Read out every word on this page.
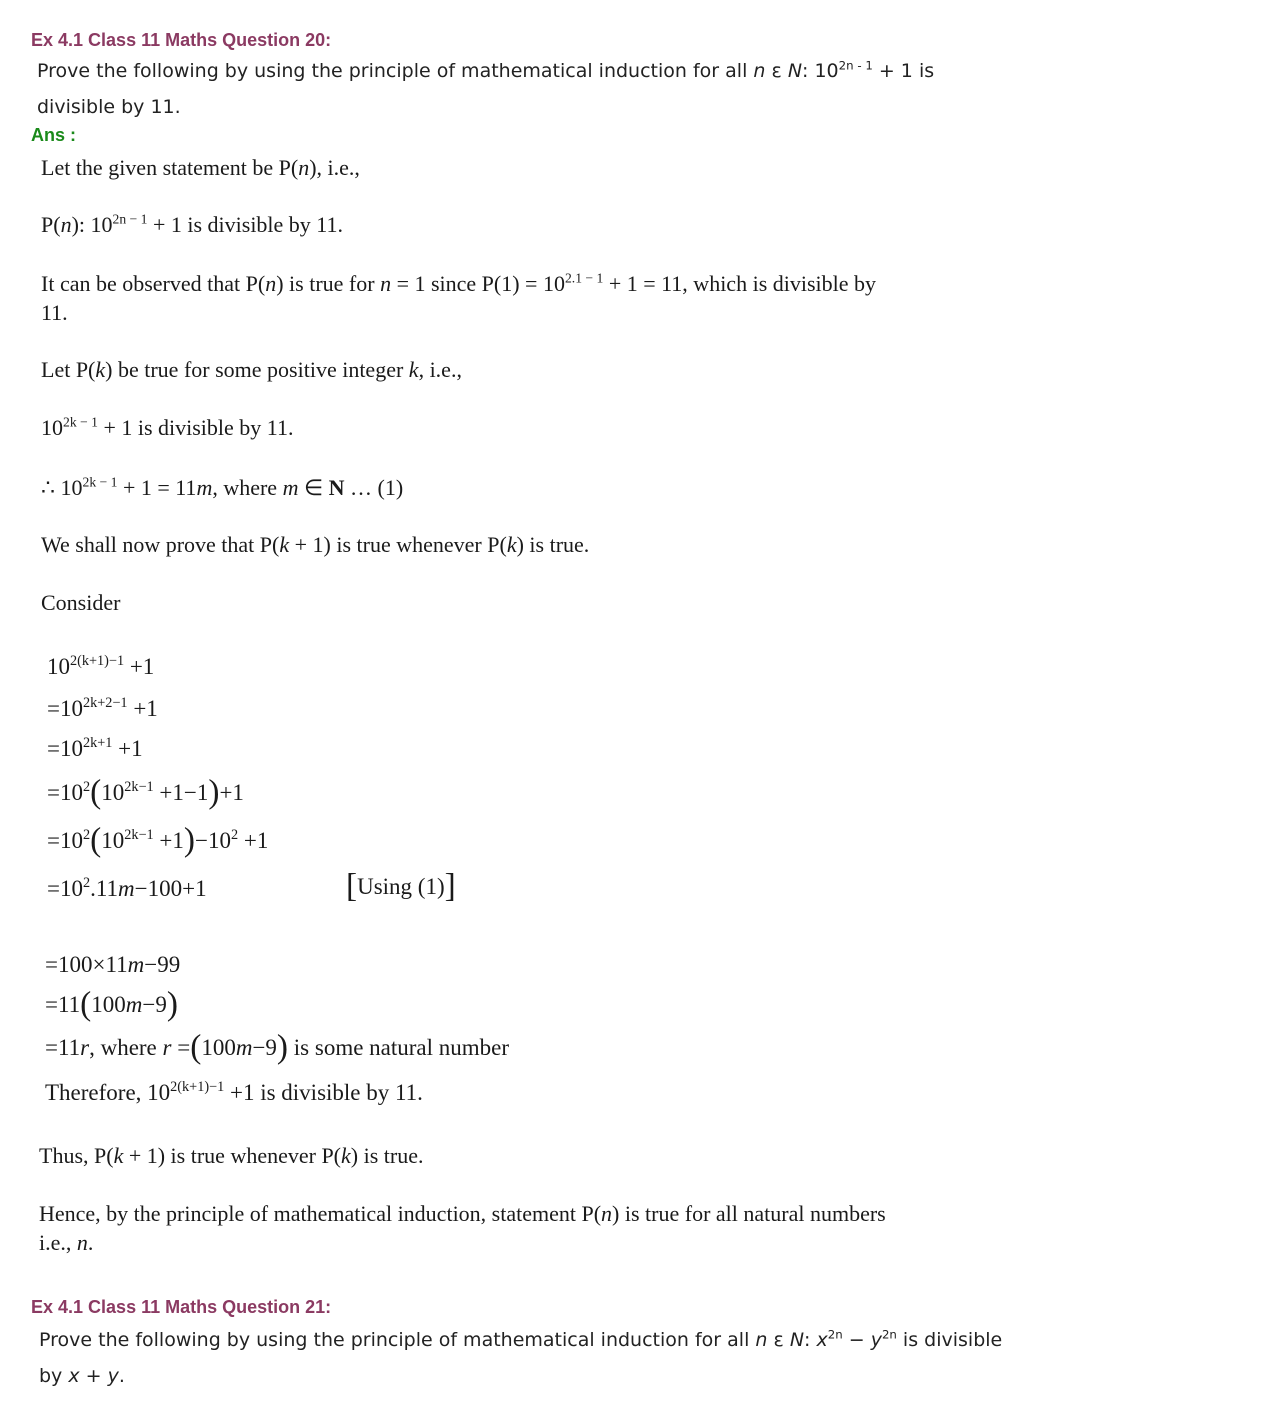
Ex 4.1 Class 11 Maths Question 20:
Prove the following by using the principle of mathematical induction for all n ε N: $10^{2n - 1} + 1$ is
divisible by 11.
Ans :
Let the given statement be P(n), i.e.,
P(n): $10^{2n - 1} + 1$ is divisible by 11.
It can be observed that P(n) is true for n = 1 since $P(1) = 10^{2.1 - 1} + 1 = 11$, which is divisible by
11.
Let P(k) be true for some positive integer k, i.e.,
$10^{2k - 1} + 1$ is divisible by 11.
∴ $10^{2k - 1} + 1 = 11m$, where m ∈ N … (1)
We shall now prove that P(k + 1) is true whenever P(k) is true.
Consider
$10^{2(k+1)-1} +1$
$=10^{2k+2-1} +1$
$=10^{2k+1} +1$
$=10^2(10^{2k-1} +1-1)+1$
$=10^2(10^{2k-1} +1)-10^2 +1$
$=10^2.11m-100+1$	[Using (1)]
=100×11m−99
=11(100m−9)
=11r, where r =(100m−9) is some natural number
Therefore, $10^{2(k+1)-1} +1$ is divisible by 11.
Thus, P(k + 1) is true whenever P(k) is true.
Hence, by the principle of mathematical induction, statement P(n) is true for all natural numbers
i.e., n.
Ex 4.1 Class 11 Maths Question 21:
Prove the following by using the principle of mathematical induction for all n ε N: $x^{2n} - y^{2n}$ is divisible
by x + y.
